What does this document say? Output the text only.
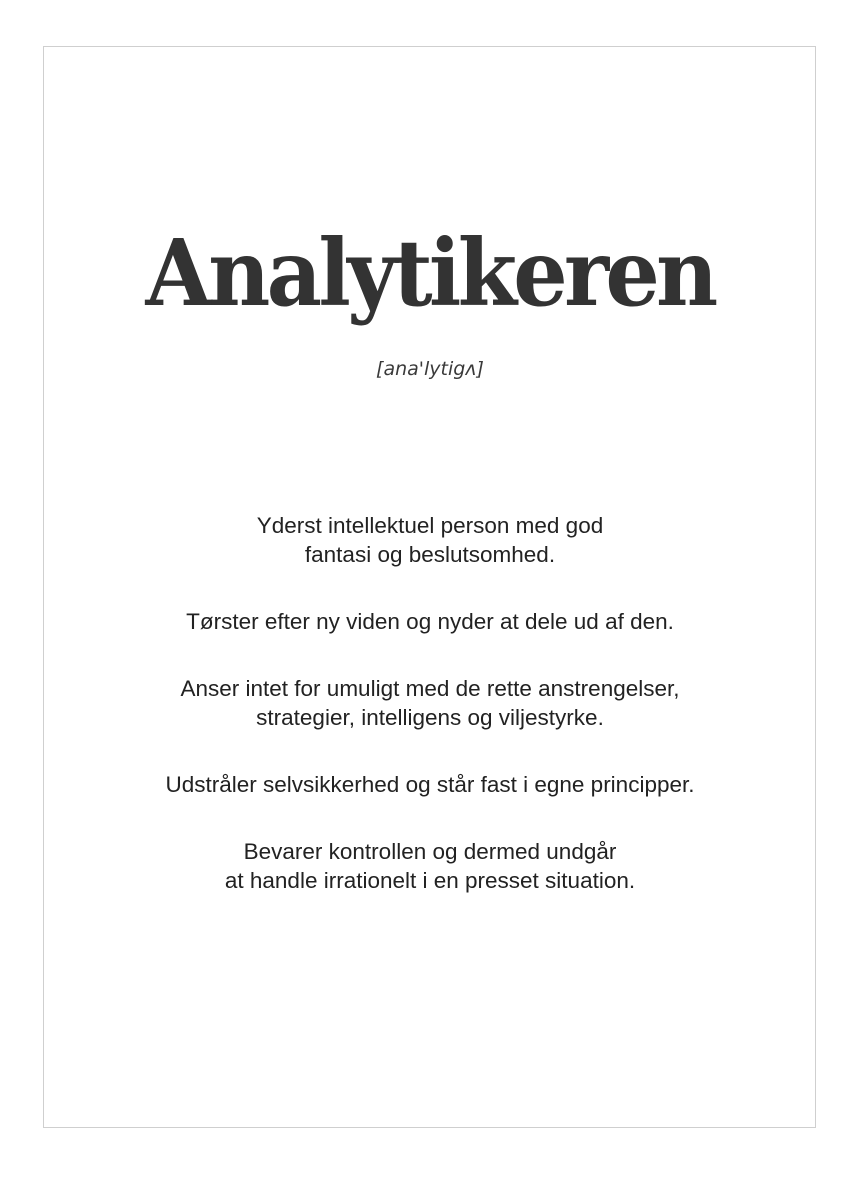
Analytikeren
[ana'lytigʌ]

Yderst intellektuel person med god
fantasi og beslutsomhed.

Tørster efter ny viden og nyder at dele ud af den.

Anser intet for umuligt med de rette anstrengelser,
strategier, intelligens og viljestyrke.

Udstråler selvsikkerhed og står fast i egne principper.

Bevarer kontrollen og dermed undgår
at handle irrationelt i en presset situation.
